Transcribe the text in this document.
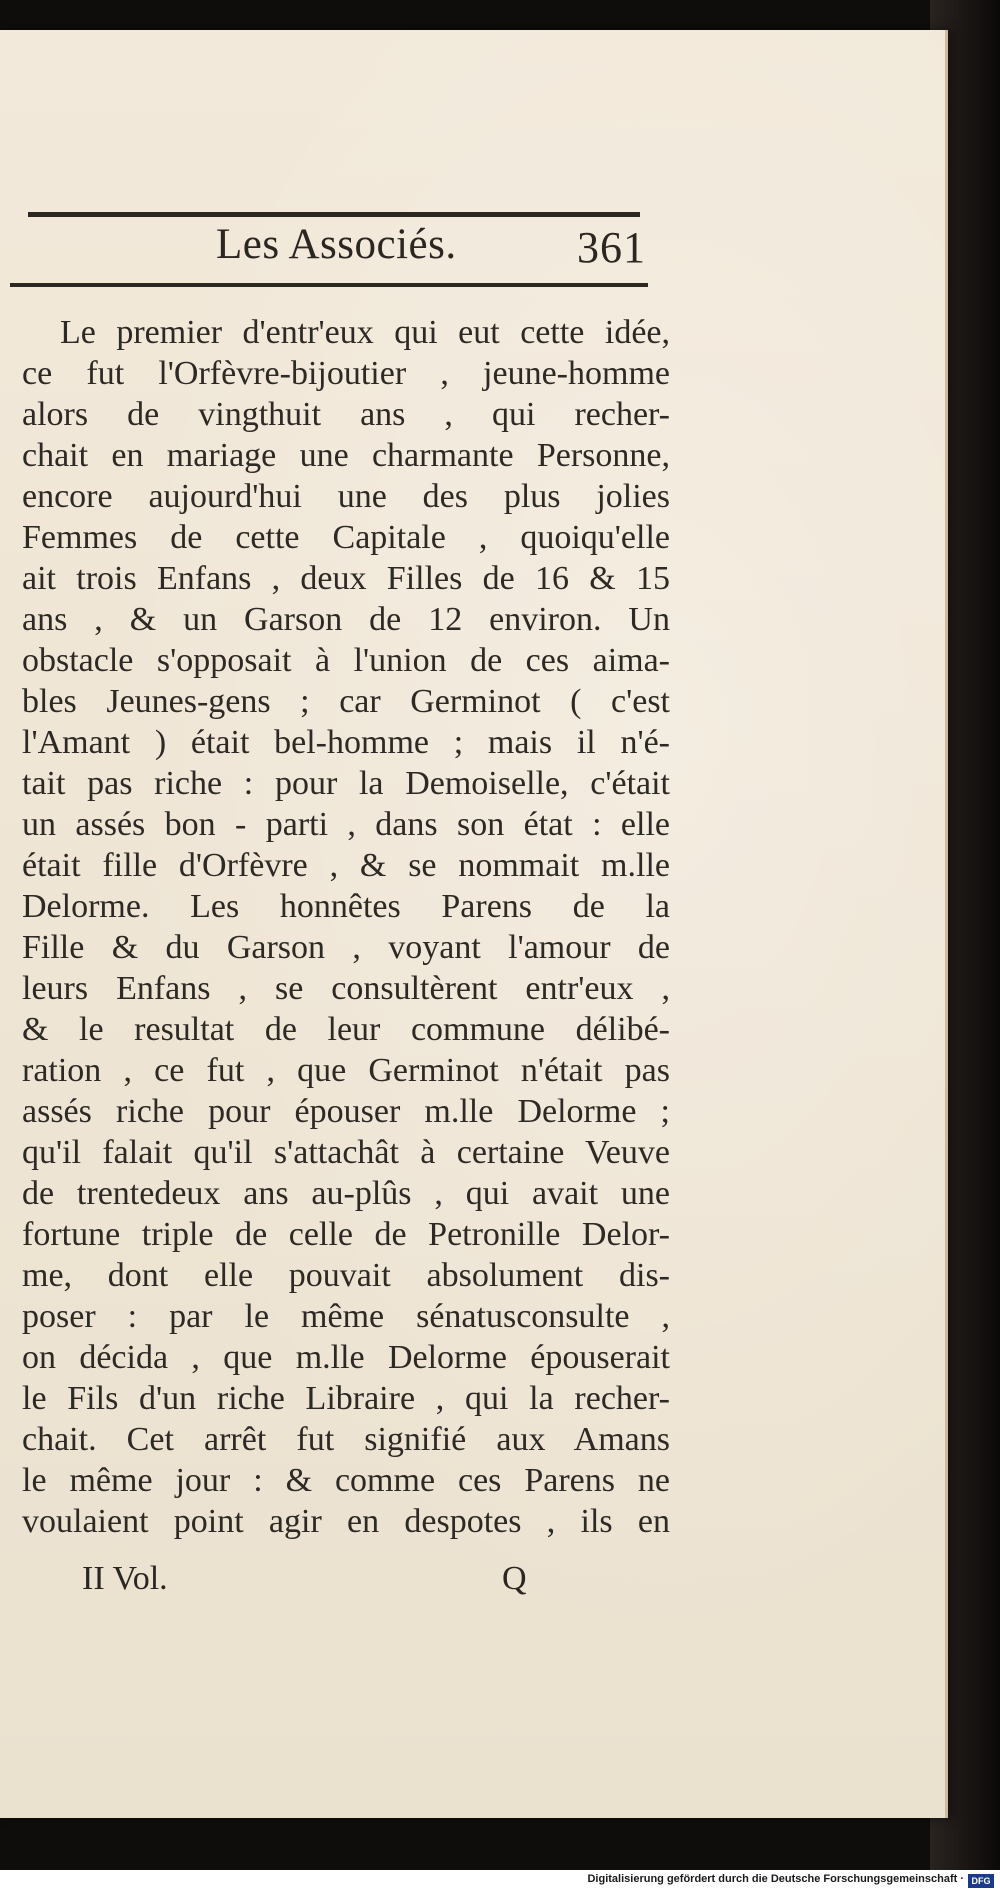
Les Associés.	361
Le premier d'entr'eux qui eut cette idée,
ce fut l'Orfèvre-bijoutier , jeune-homme
alors de vingthuit ans , qui recher-
chait en mariage une charmante Personne,
encore aujourd'hui une des plus jolies
Femmes de cette Capitale , quoiqu'elle
ait trois Enfans , deux Filles de 16 & 15
ans , & un Garson de 12 environ. Un
obstacle s'opposait à l'union de ces aima-
bles Jeunes-gens ; car Germinot ( c'est
l'Amant ) était bel-homme ; mais il n'é-
tait pas riche : pour la Demoiselle, c'était
un assés bon - parti , dans son état : elle
était fille d'Orfèvre , & se nommait m.lle
Delorme. Les honnêtes Parens de la
Fille & du Garson , voyant l'amour de
leurs Enfans , se consultèrent entr'eux ,
& le resultat de leur commune délibé-
ration , ce fut , que Germinot n'était pas
assés riche pour épouser m.lle Delorme ;
qu'il falait qu'il s'attachât à certaine Veuve
de trentedeux ans au-plûs , qui avait une
fortune triple de celle de Petronille Delor-
me, dont elle pouvait absolument dis-
poser : par le même sénatusconsulte ,
on décida , que m.lle Delorme épouserait
le Fils d'un riche Libraire , qui la recher-
chait. Cet arrêt fut signifié aux Amans
le même jour : & comme ces Parens ne
voulaient point agir en despotes , ils en
II Vol.	Q
Digitalisierung gefördert durch die Deutsche Forschungsgemeinschaft · DFG
